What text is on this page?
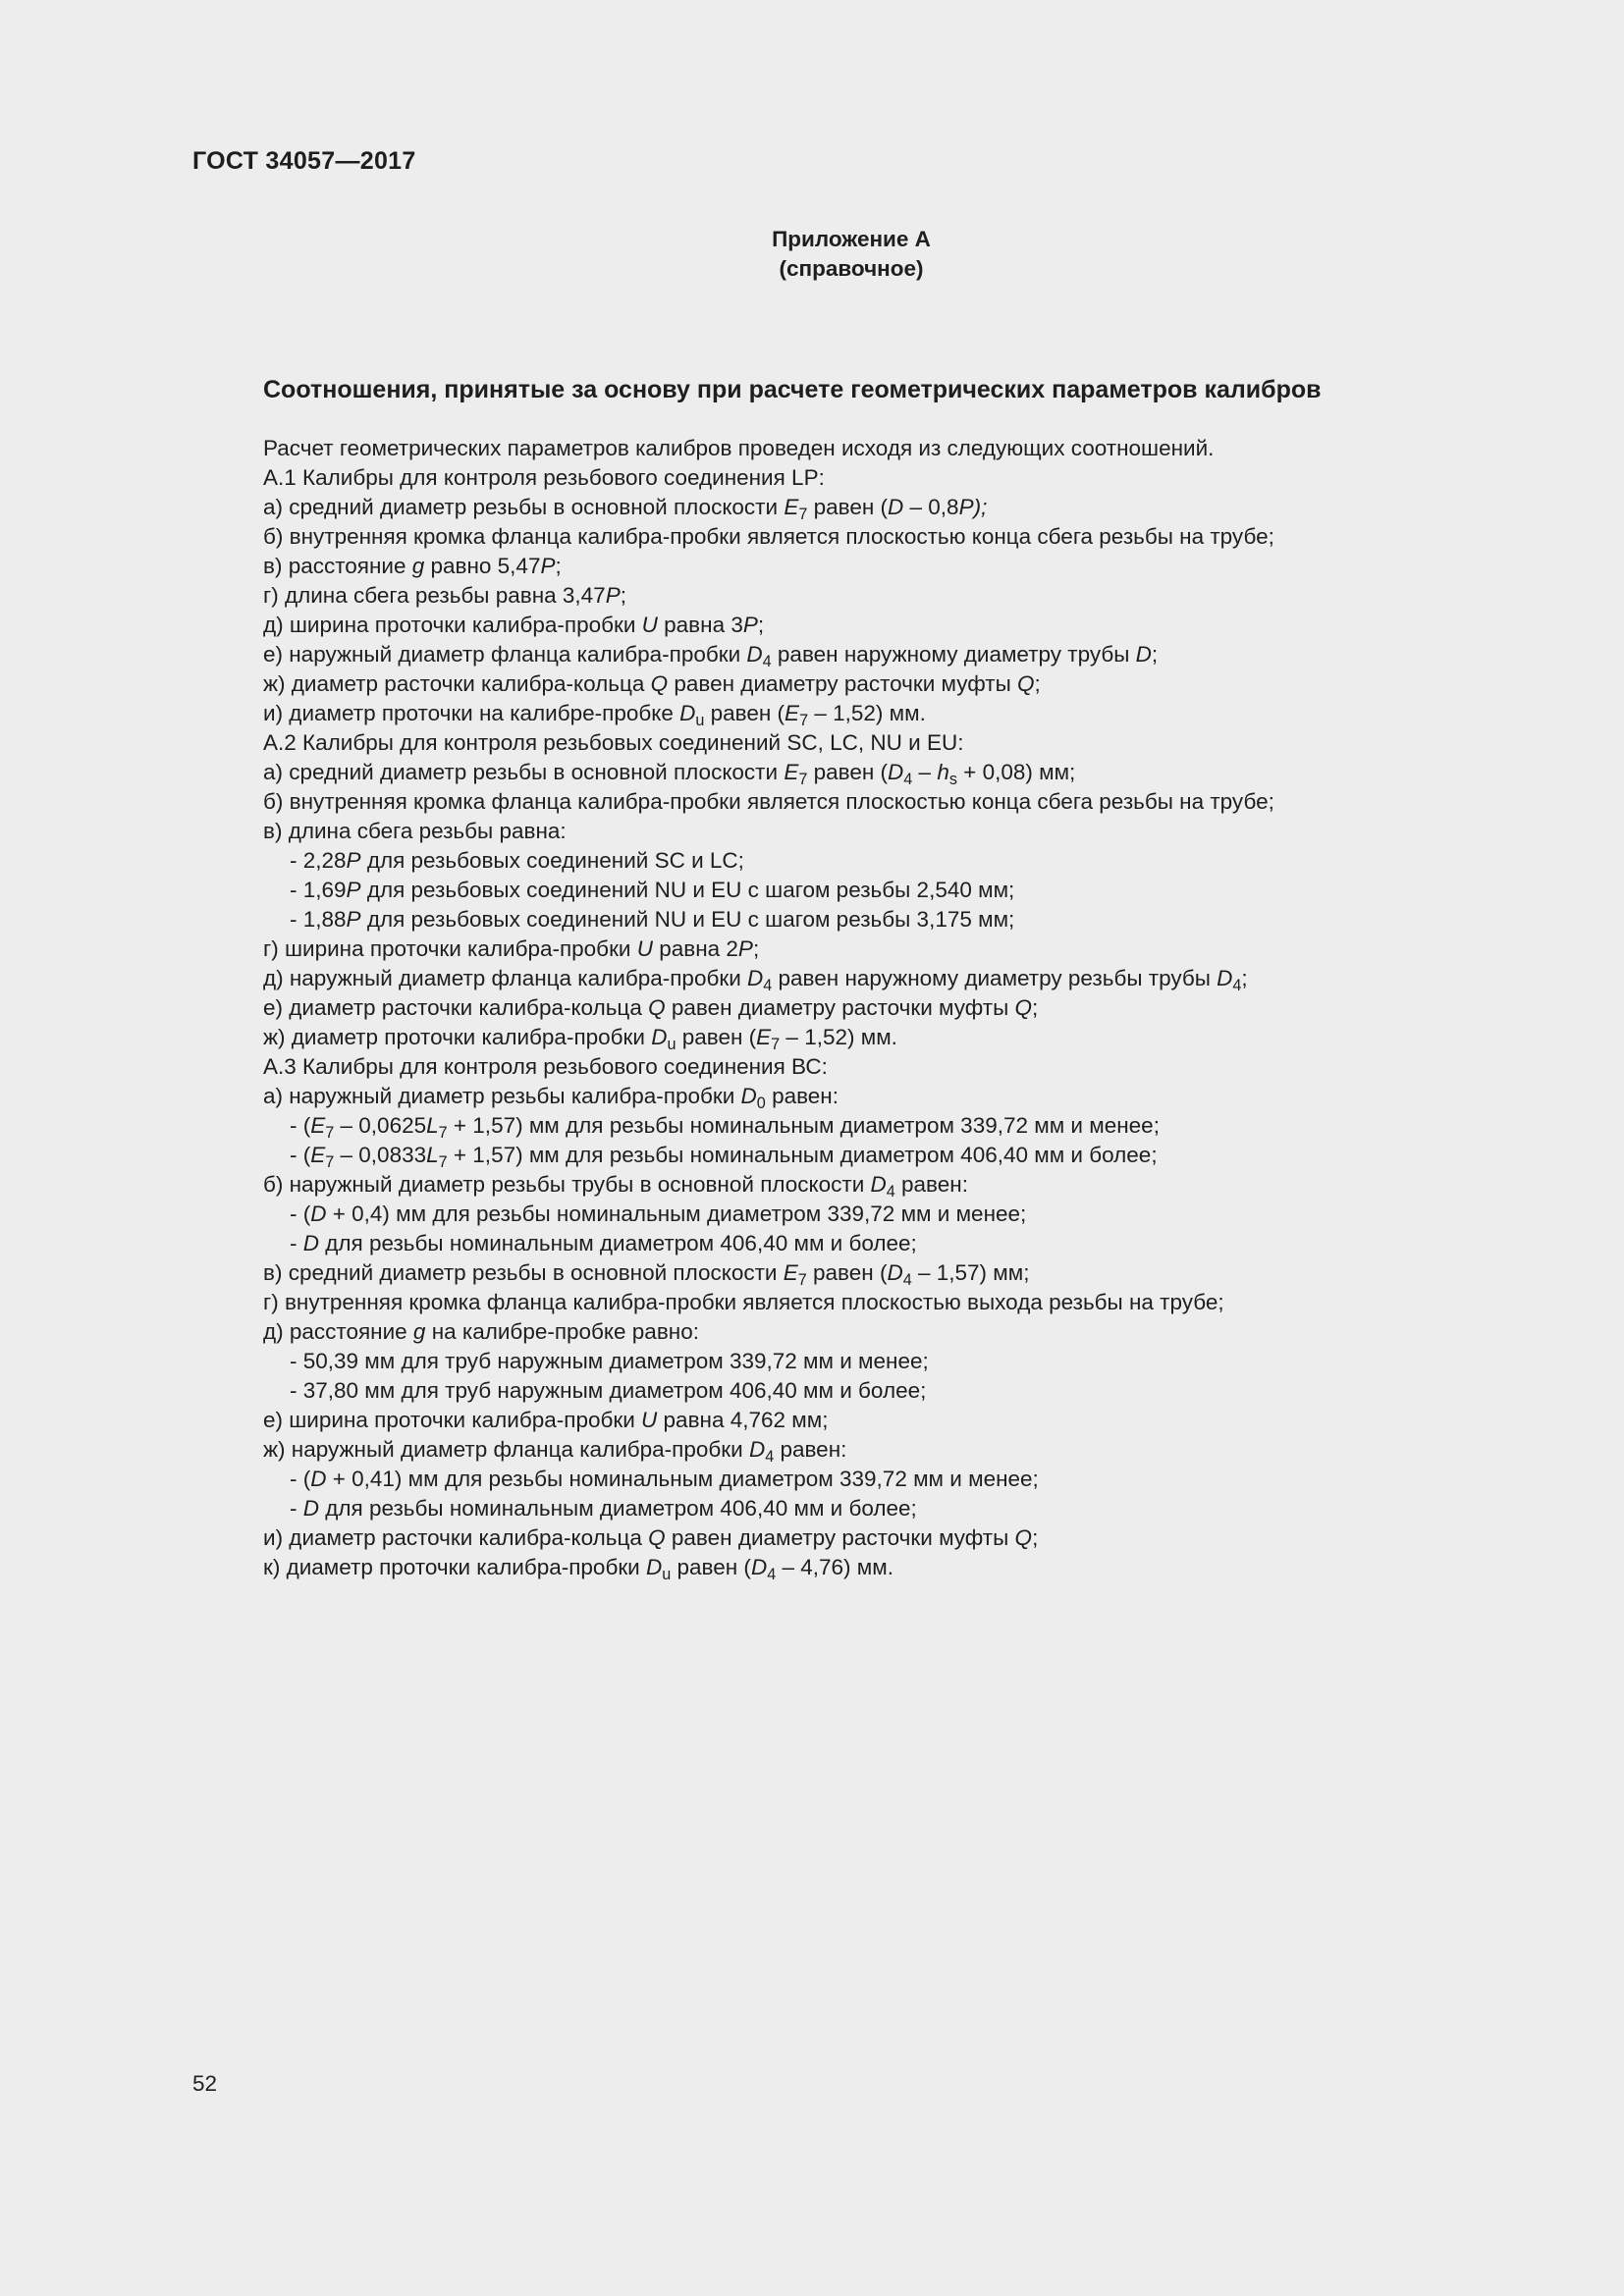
ГОСТ 34057—2017
Приложение А
(справочное)
Соотношения, принятые за основу при расчете геометрических параметров калибров
Расчет геометрических параметров калибров проведен исходя из следующих соотношений.
А.1 Калибры для контроля резьбового соединения LP:
а) средний диаметр резьбы в основной плоскости $E_7$ равен (D – 0,8P);
б) внутренняя кромка фланца калибра-пробки является плоскостью конца сбега резьбы на трубе;
в) расстояние g равно 5,47P;
г) длина сбега резьбы равна 3,47P;
д) ширина проточки калибра-пробки U равна 3P;
е) наружный диаметр фланца калибра-пробки $D_4$ равен наружному диаметру трубы D;
ж) диаметр расточки калибра-кольца Q равен диаметру расточки муфты Q;
и) диаметр проточки на калибре-пробке $D_u$ равен $(E_7 - 1,52)$ мм.
А.2 Калибры для контроля резьбовых соединений SC, LC, NU и EU:
а) средний диаметр резьбы в основной плоскости $E_7$ равен $(D_4 - h_s + 0,08)$ мм;
б) внутренняя кромка фланца калибра-пробки является плоскостью конца сбега резьбы на трубе;
в) длина сбега резьбы равна:
- 2,28P для резьбовых соединений SC и LC;
- 1,69P для резьбовых соединений NU и EU с шагом резьбы 2,540 мм;
- 1,88P для резьбовых соединений NU и EU с шагом резьбы 3,175 мм;
г) ширина проточки калибра-пробки U равна 2P;
д) наружный диаметр фланца калибра-пробки $D_4$ равен наружному диаметру резьбы трубы $D_4$;
е) диаметр расточки калибра-кольца Q равен диаметру расточки муфты Q;
ж) диаметр проточки калибра-пробки $D_u$ равен $(E_7 - 1,52)$ мм.
А.3 Калибры для контроля резьбового соединения ВС:
а) наружный диаметр резьбы калибра-пробки $D_0$ равен:
- $(E_7 - 0,0625L_7 + 1,57)$ мм для резьбы номинальным диаметром 339,72 мм и менее;
- $(E_7 - 0,0833L_7 + 1,57)$ мм для резьбы номинальным диаметром 406,40 мм и более;
б) наружный диаметр резьбы трубы в основной плоскости $D_4$ равен:
- (D + 0,4) мм для резьбы номинальным диаметром 339,72 мм и менее;
- D для резьбы номинальным диаметром 406,40 мм и более;
в) средний диаметр резьбы в основной плоскости $E_7$ равен $(D_4 - 1,57)$ мм;
г) внутренняя кромка фланца калибра-пробки является плоскостью выхода резьбы на трубе;
д) расстояние g на калибре-пробке равно:
- 50,39 мм для труб наружным диаметром 339,72 мм и менее;
- 37,80 мм для труб наружным диаметром 406,40 мм и более;
е) ширина проточки калибра-пробки U равна 4,762 мм;
ж) наружный диаметр фланца калибра-пробки $D_4$ равен:
- (D + 0,41) мм для резьбы номинальным диаметром 339,72 мм и менее;
- D для резьбы номинальным диаметром 406,40 мм и более;
и) диаметр расточки калибра-кольца Q равен диаметру расточки муфты Q;
к) диаметр проточки калибра-пробки $D_u$ равен $(D_4 - 4,76)$ мм.
52
